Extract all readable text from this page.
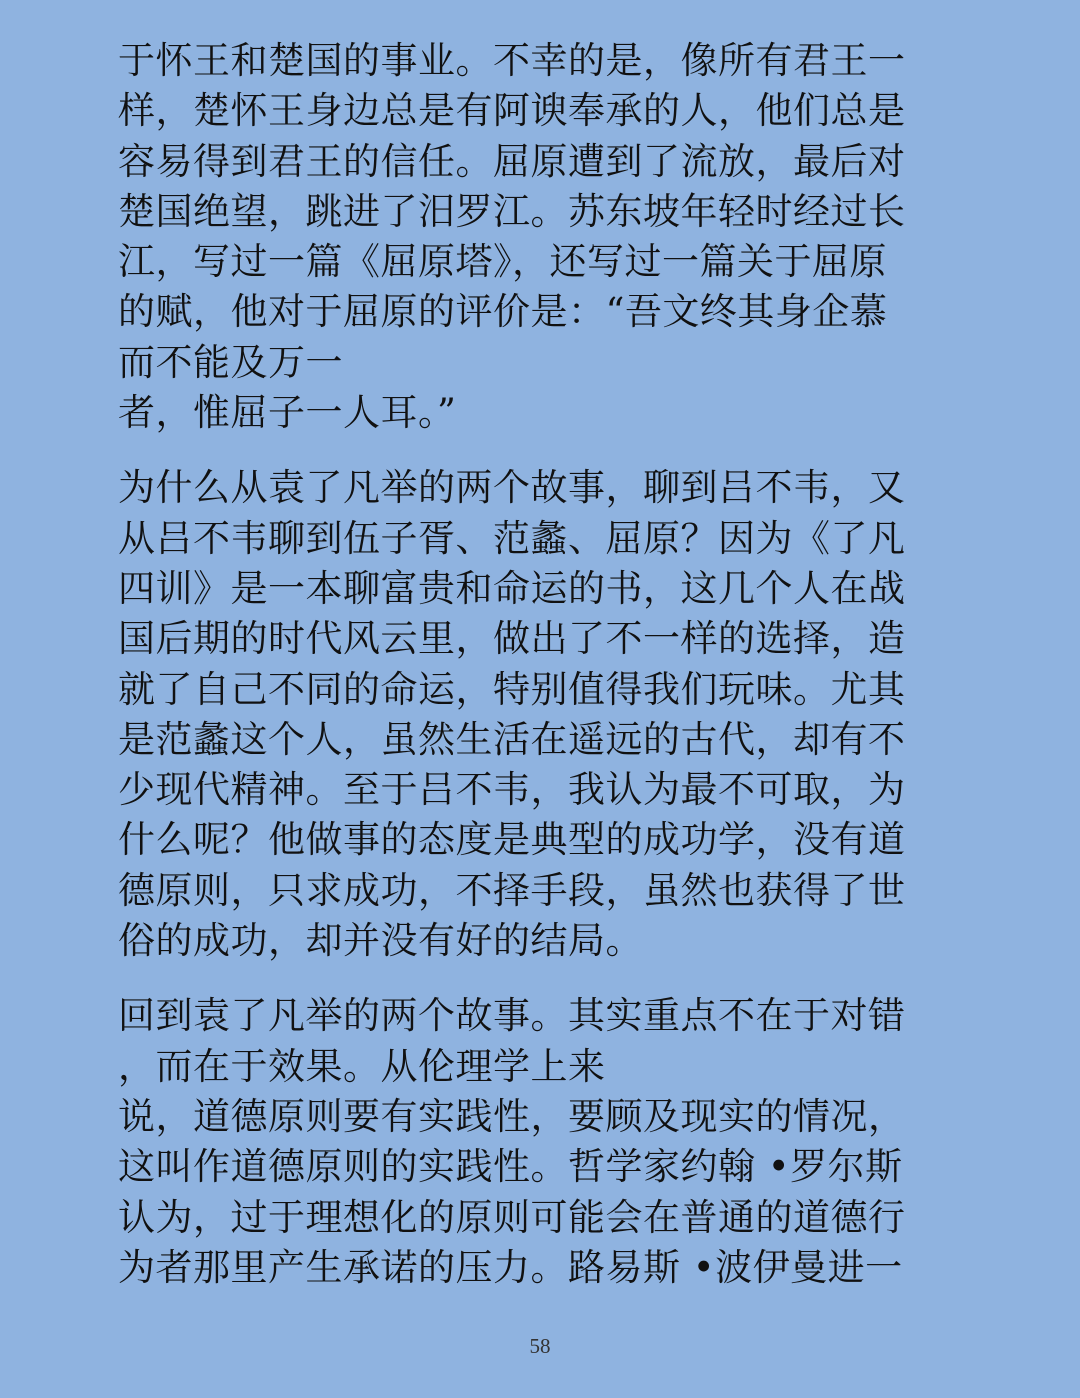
于怀王和楚国的事业。不幸的是，像所有君王一
样，楚怀王身边总是有阿谀奉承的人，他们总是
容易得到君王的信任。屈原遭到了流放，最后对
楚国绝望，跳进了汨罗江。苏东坡年轻时经过长
江，写过一篇《屈原塔》，还写过一篇关于屈原
的赋，他对于屈原的评价是：“吾文终其身企慕
而不能及万一
者，惟屈子一人耳。”
为什么从袁了凡举的两个故事，聊到吕不韦，又
从吕不韦聊到伍子胥、范蠡、屈原？因为《了凡
四训》是一本聊富贵和命运的书，这几个人在战
国后期的时代风云里，做出了不一样的选择，造
就了自己不同的命运，特别值得我们玩味。尤其
是范蠡这个人，虽然生活在遥远的古代，却有不
少现代精神。至于吕不韦，我认为最不可取，为
什么呢？他做事的态度是典型的成功学，没有道
德原则，只求成功，不择手段，虽然也获得了世
俗的成功，却并没有好的结局。
回到袁了凡举的两个故事。其实重点不在于对错
，而在于效果。从伦理学上来
说，道德原则要有实践性，要顾及现实的情况，
这叫作道德原则的实践性。哲学家约翰 •罗尔斯
认为，过于理想化的原则可能会在普通的道德行
为者那里产生承诺的压力。路易斯 •波伊曼进一
58
